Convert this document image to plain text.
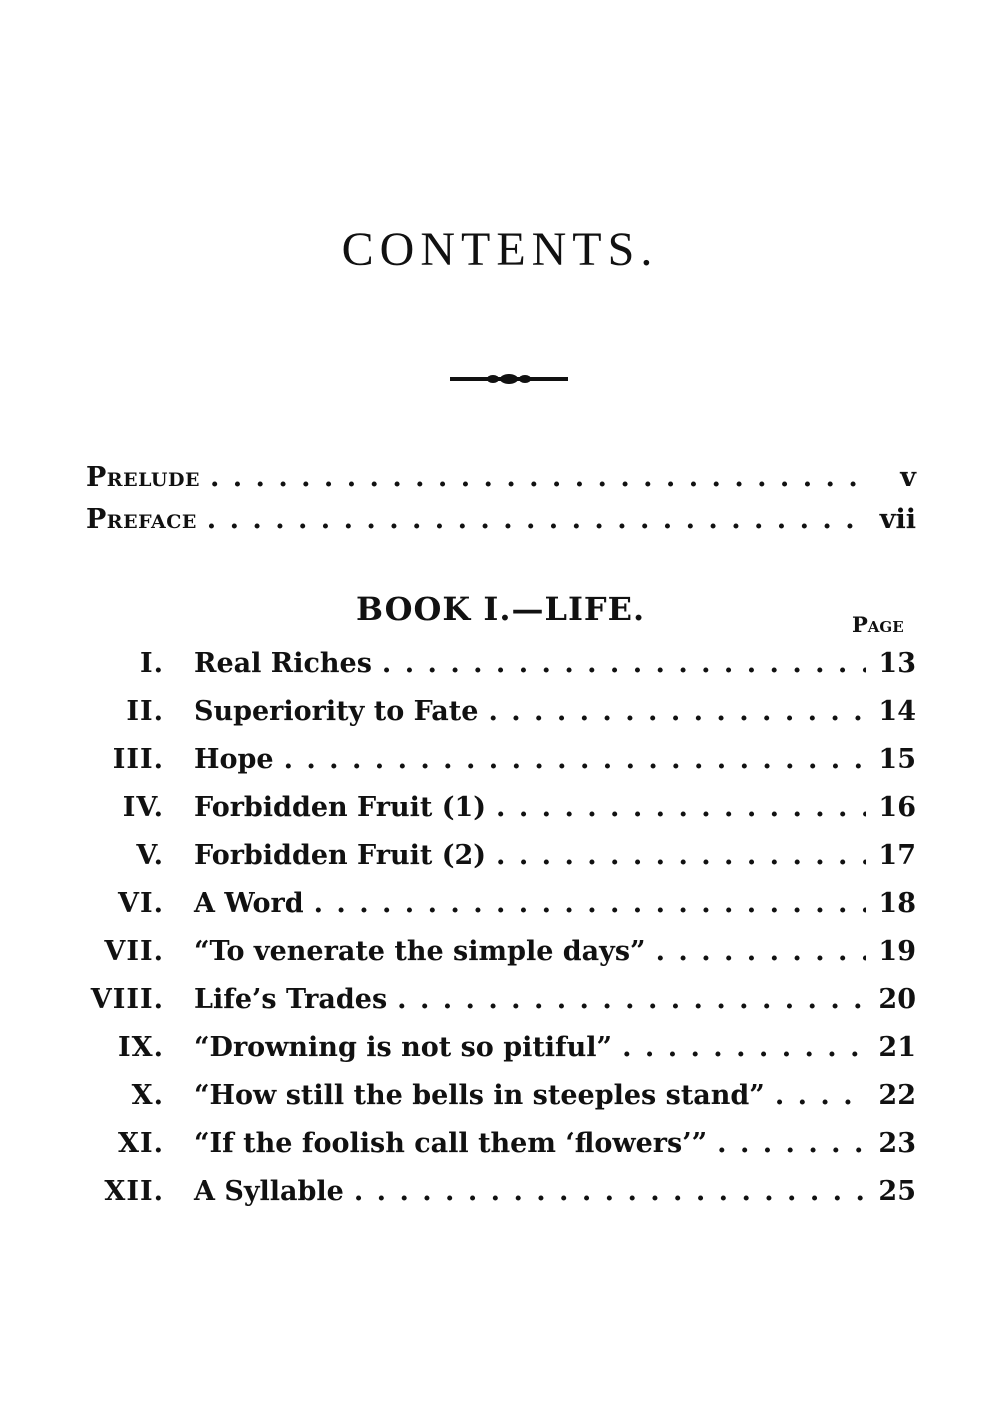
CONTENTS.
Prelude . . .	v
Preface . . .	vii
BOOK I.—LIFE.	Page
I. Real Riches . . .	13
II. Superiority to Fate . . .	14
III. Hope . . .	15
IV. Forbidden Fruit (1) . . .	16
V. Forbidden Fruit (2) . . .	17
VI. A Word . . .	18
VII. “To venerate the simple days” . . .	19
VIII. Life’s Trades . . .	20
IX. “Drowning is not so pitiful” . . .	21
X. “How still the bells in steeples stand” . . .	22
XI. “If the foolish call them ‘flowers’” . . .	23
XII. A Syllable . . .	25
